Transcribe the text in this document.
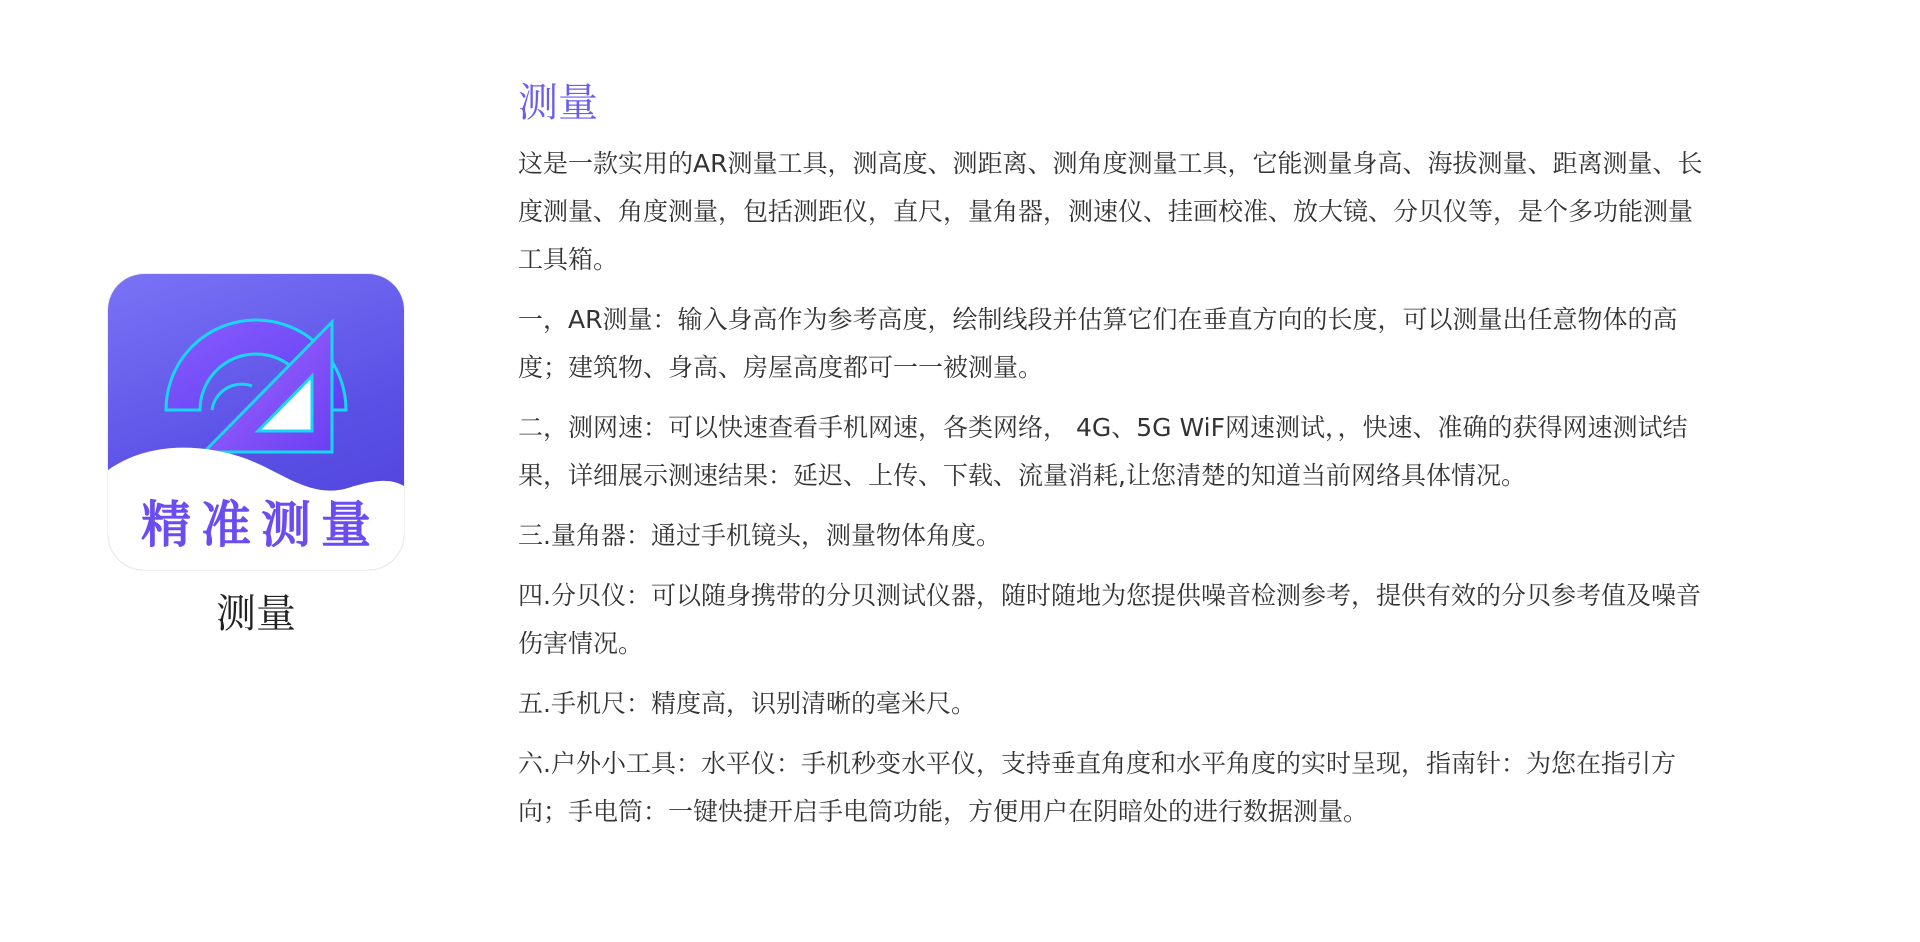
精准测量
测量
测量

这是一款实用的AR测量工具，测高度、测距离、测角度测量工具，它能测量身高、海拔测量、距离测量、长度测量、角度测量，包括测距仪，直尺，量角器，测速仪、挂画校准、放大镜、分贝仪等，是个多功能测量工具箱。

一，AR测量：输入身高作为参考高度，绘制线段并估算它们在垂直方向的长度，可以测量出任意物体的高度；建筑物、身高、房屋高度都可一一被测量。

二，测网速：可以快速查看手机网速，各类网络， 4G、5G WiF网速测试，，快速、准确的获得网速测试结果，详细展示测速结果：延迟、上传、下载、流量消耗,让您清楚的知道当前网络具体情况。

三.量角器：通过手机镜头，测量物体角度。

四.分贝仪：可以随身携带的分贝测试仪器，随时随地为您提供噪音检测参考，提供有效的分贝参考值及噪音伤害情况。

五.手机尺：精度高，识别清晰的毫米尺。

六.户外小工具：水平仪：手机秒变水平仪，支持垂直角度和水平角度的实时呈现，指南针：为您在指引方向；手电筒：一键快捷开启手电筒功能，方便用户在阴暗处的进行数据测量。
